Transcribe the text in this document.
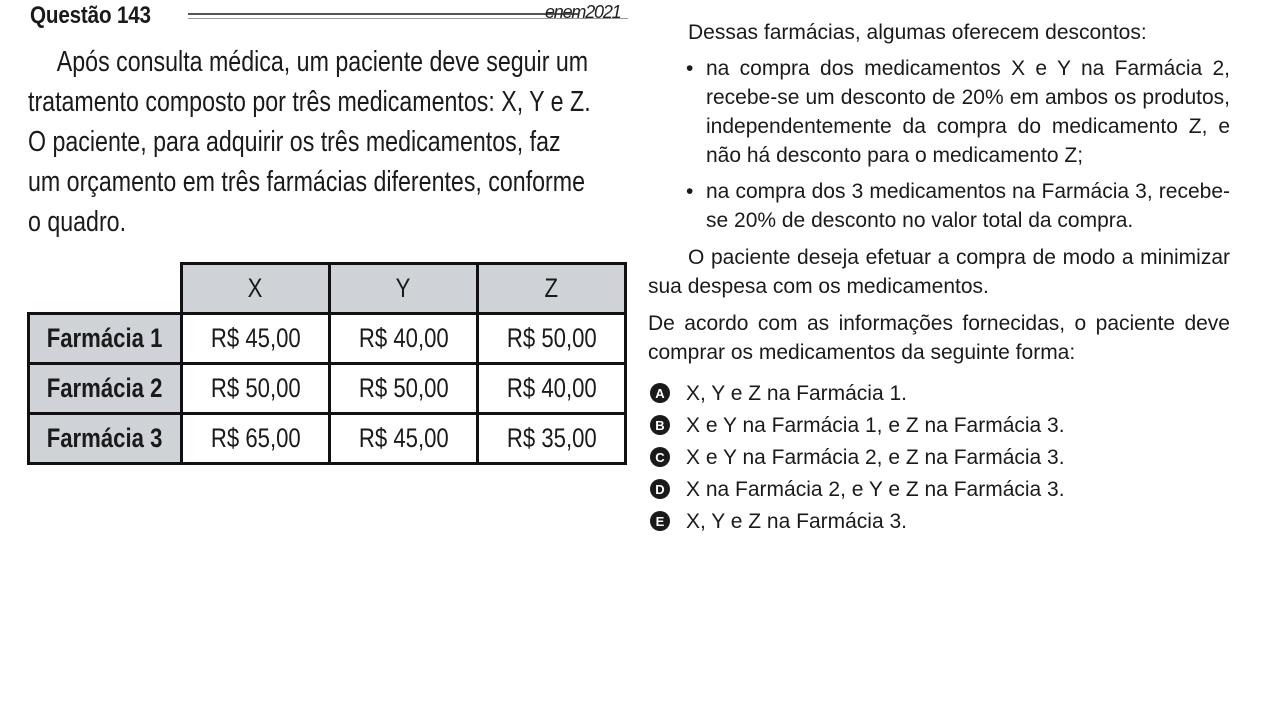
Questão 143	enem2021
Após consulta médica, um paciente deve seguir um
tratamento composto por três medicamentos: X, Y e Z.
O paciente, para adquirir os três medicamentos, faz
um orçamento em três farmácias diferentes, conforme
o quadro.
	X	Y	Z
Farmácia 1	R$ 45,00	R$ 40,00	R$ 50,00
Farmácia 2	R$ 50,00	R$ 50,00	R$ 40,00
Farmácia 3	R$ 65,00	R$ 45,00	R$ 35,00

Dessas farmácias, algumas oferecem descontos:

• na compra dos medicamentos X e Y na Farmácia 2, recebe-se um desconto de 20% em ambos os produtos, independentemente da compra do medicamento Z, e não há desconto para o medicamento Z;

• na compra dos 3 medicamentos na Farmácia 3, recebe-se 20% de desconto no valor total da compra.

O paciente deseja efetuar a compra de modo a minimizar sua despesa com os medicamentos.

De acordo com as informações fornecidas, o paciente deve comprar os medicamentos da seguinte forma:

A X, Y e Z na Farmácia 1.
B X e Y na Farmácia 1, e Z na Farmácia 3.
C X e Y na Farmácia 2, e Z na Farmácia 3.
D X na Farmácia 2, e Y e Z na Farmácia 3.
E X, Y e Z na Farmácia 3.
